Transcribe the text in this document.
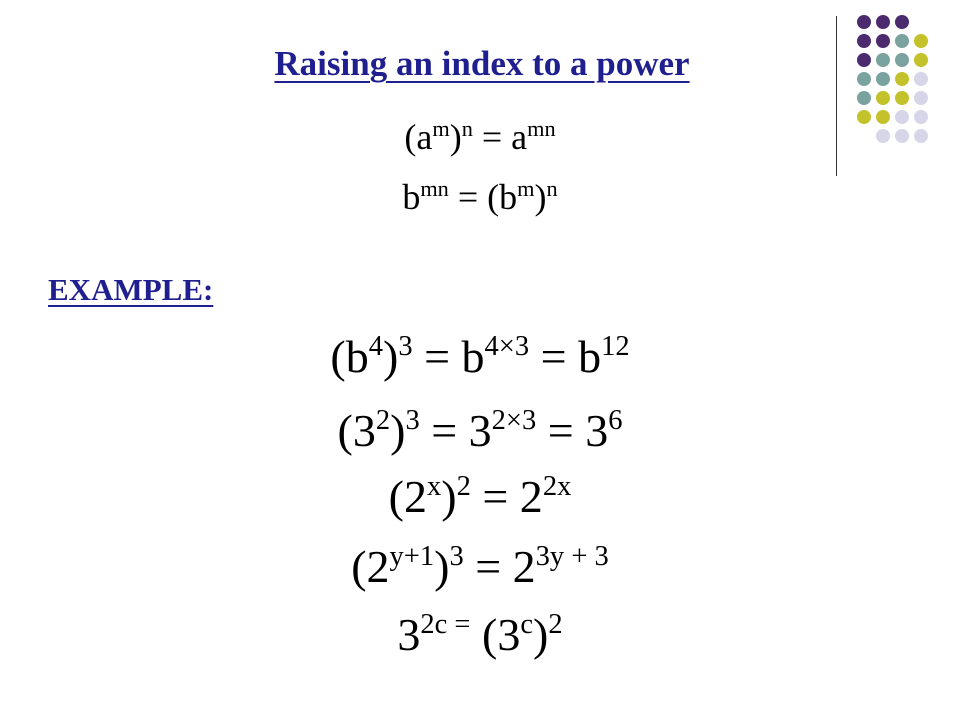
Raising an index to a power
$(a^m)^n = a^{mn}$
$b^{mn} = (b^m)^n$
EXAMPLE:
$(b^4)^3 = b^{4\times 3} = b^{12}$
$(3^2)^3 = 3^{2\times 3} = 3^6$
$(2^x)^2 = 2^{2x}$
$(2^{y+1})^3 = 2^{3y + 3}$
$3^{2c =}$ $(3^c)^2$
